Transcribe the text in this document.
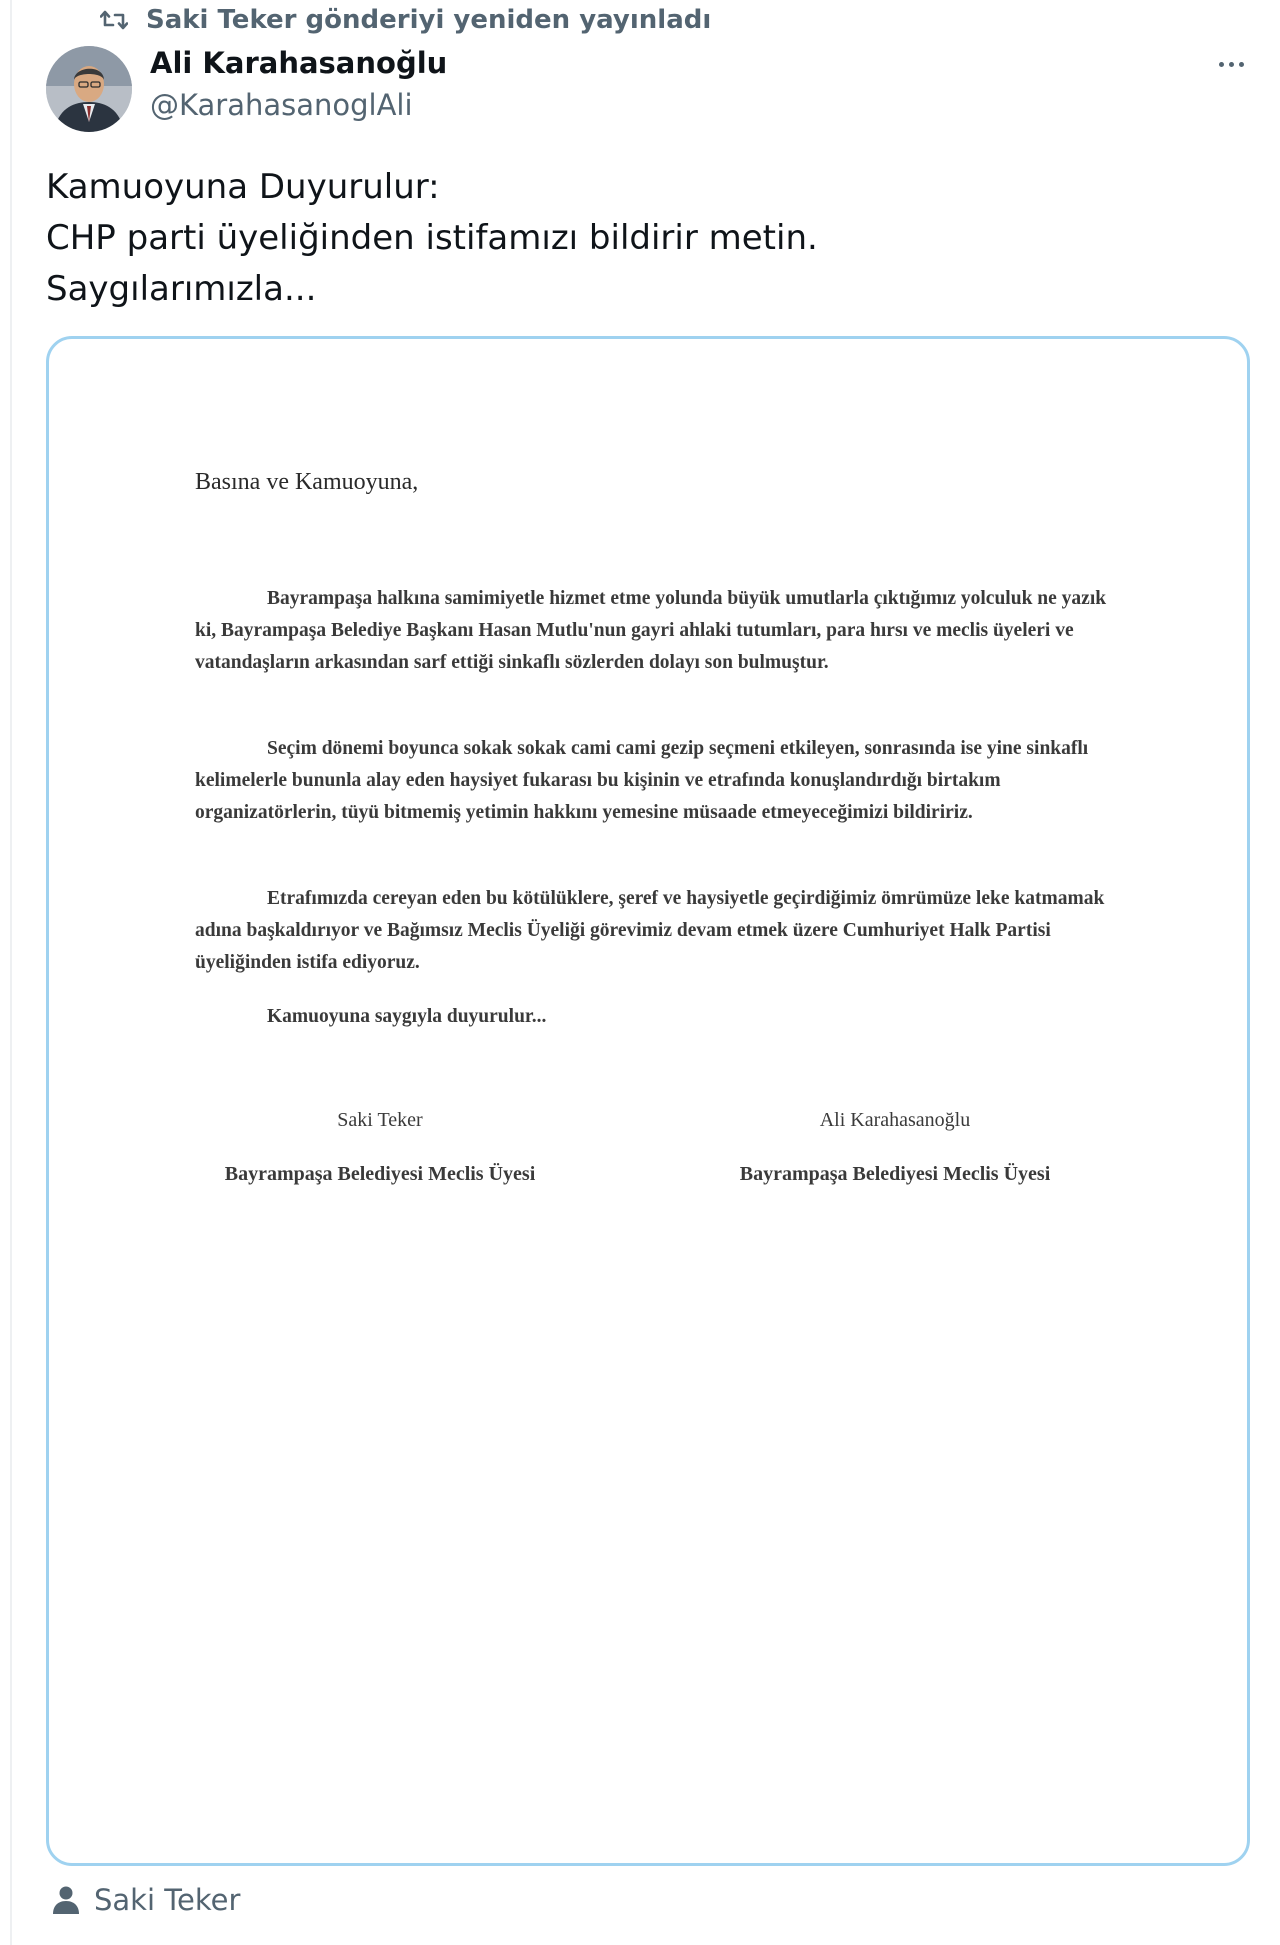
Saki Teker gönderiyi yeniden yayınladı
Ali Karahasanoğlu
@KarahasanoglAli
Kamuoyuna Duyurulur:
CHP parti üyeliğinden istifamızı bildirir metin.
Saygılarımızla...
Basına ve Kamuoyuna,

Bayrampaşa halkına samimiyetle hizmet etme yolunda büyük umutlarla çıktığımız yolculuk ne yazık ki, Bayrampaşa Belediye Başkanı Hasan Mutlu'nun gayri ahlaki tutumları, para hırsı ve meclis üyeleri ve vatandaşların arkasından sarf ettiği sinkaflı sözlerden dolayı son bulmuştur.

Seçim dönemi boyunca sokak sokak cami cami gezip seçmeni etkileyen, sonrasında ise yine sinkaflı kelimelerle bununla alay eden haysiyet fukarası bu kişinin ve etrafında konuşlandırdığı birtakım organizatörlerin, tüyü bitmemiş yetimin hakkını yemesine müsaade etmeyeceğimizi bildiririz.

Etrafımızda cereyan eden bu kötülüklere, şeref ve haysiyetle geçirdiğimiz ömrümüze leke katmamak adına başkaldırıyor ve Bağımsız Meclis Üyeliği görevimiz devam etmek üzere Cumhuriyet Halk Partisi üyeliğinden istifa ediyoruz.

Kamuoyuna saygıyla duyurulur...

Saki Teker
Bayrampaşa Belediyesi Meclis Üyesi
Ali Karahasanoğlu
Bayrampaşa Belediyesi Meclis Üyesi
Saki Teker
